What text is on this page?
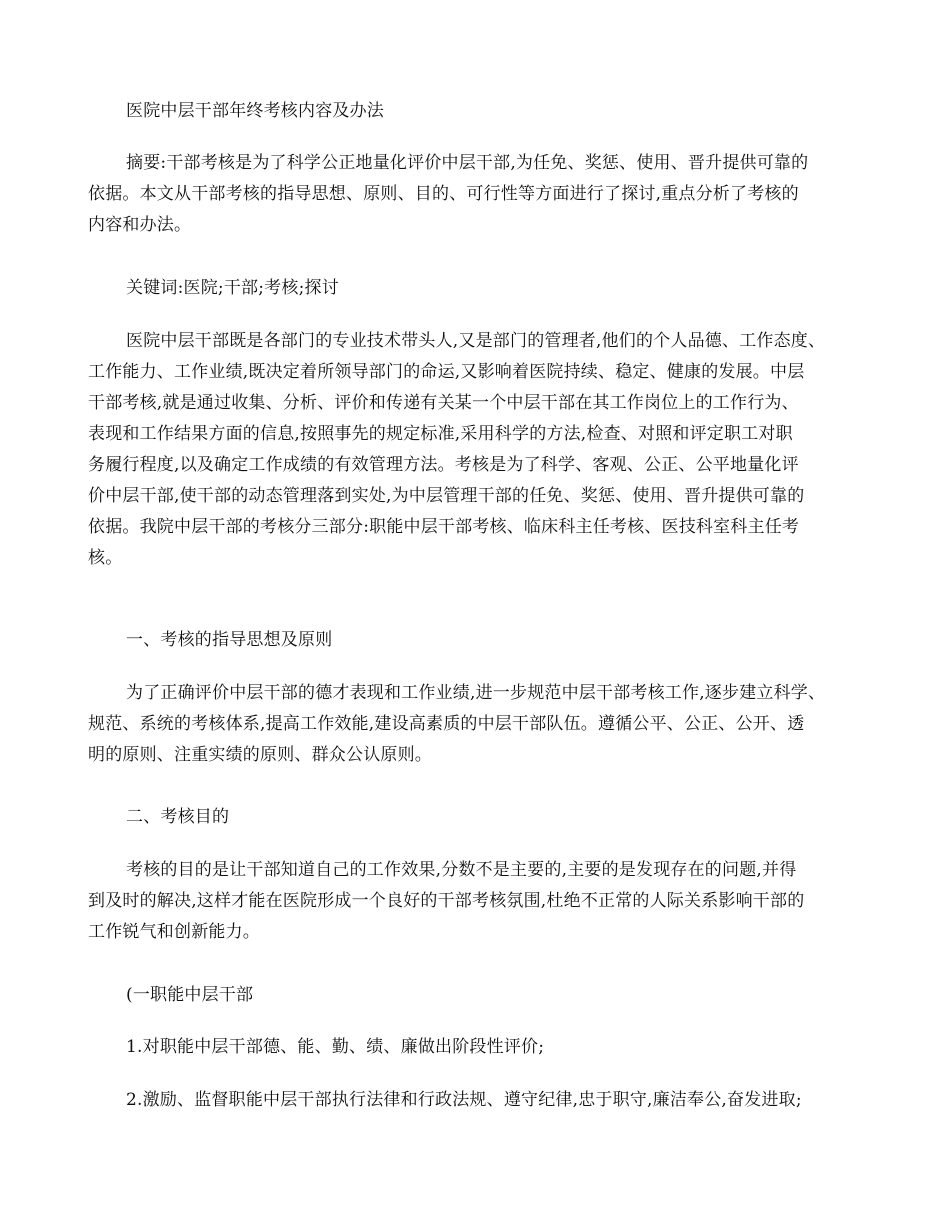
医院中层干部年终考核内容及办法
摘要:干部考核是为了科学公正地量化评价中层干部,为任免、奖惩、使用、晋升提供可靠的
依据。本文从干部考核的指导思想、原则、目的、可行性等方面进行了探讨,重点分析了考核的
内容和办法。
关键词:医院;干部;考核;探讨
医院中层干部既是各部门的专业技术带头人,又是部门的管理者,他们的个人品德、工作态度、
工作能力、工作业绩,既决定着所领导部门的命运,又影响着医院持续、稳定、健康的发展。中层
干部考核,就是通过收集、分析、评价和传递有关某一个中层干部在其工作岗位上的工作行为、
表现和工作结果方面的信息,按照事先的规定标准,采用科学的方法,检查、对照和评定职工对职
务履行程度,以及确定工作成绩的有效管理方法。考核是为了科学、客观、公正、公平地量化评
价中层干部,使干部的动态管理落到实处,为中层管理干部的任免、奖惩、使用、晋升提供可靠的
依据。我院中层干部的考核分三部分:职能中层干部考核、临床科主任考核、医技科室科主任考
核。
一、考核的指导思想及原则
为了正确评价中层干部的德才表现和工作业绩,进一步规范中层干部考核工作,逐步建立科学、
规范、系统的考核体系,提高工作效能,建设高素质的中层干部队伍。遵循公平、公正、公开、透
明的原则、注重实绩的原则、群众公认原则。
二、考核目的
考核的目的是让干部知道自己的工作效果,分数不是主要的,主要的是发现存在的问题,并得
到及时的解决,这样才能在医院形成一个良好的干部考核氛围,杜绝不正常的人际关系影响干部的
工作锐气和创新能力。
(一职能中层干部
1.对职能中层干部德、能、勤、绩、廉做出阶段性评价;
2.激励、监督职能中层干部执行法律和行政法规、遵守纪律,忠于职守,廉洁奉公,奋发进取;
